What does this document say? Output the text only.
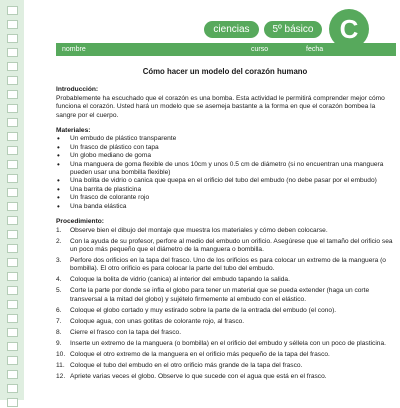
ciencias	5º básico	C
nombre	curso	fecha
Cómo hacer un modelo del corazón humano
Introducción:

Probablemente ha escuchado que el corazón es una bomba. Esta actividad le permitirá comprender mejor cómo funciona el corazón. Usted hará un modelo que se asemeja bastante a la forma en que el corazón bombea la sangre por el cuerpo.

Materiales:
• Un embudo de plástico transparente
• Un frasco de plástico con tapa
• Un globo mediano de goma
• Una manguera de goma flexible de unos 10cm y unos 0.5 cm de diámetro (si no encuentran una manguera pueden usar una bombilla flexible)
• Una bolita de vidrio o canica que quepa en el orificio del tubo del embudo (no debe pasar por el embudo)
• Una barrita de plasticina
• Un frasco de colorante rojo
• Una banda elástica
Procedimiento:
1. Observe bien el dibujo del montaje que muestra los materiales y cómo deben colocarse.
2. Con la ayuda de su profesor, perfore al medio del embudo un orificio. Asegúrese que el tamaño del orificio sea un poco más pequeño que el diámetro de la manguera o bombilla.
3. Perfore dos orificios en la tapa del frasco. Uno de los orificios es para colocar un extremo de la manguera (o bombilla). El otro orificio es para colocar la parte del tubo del embudo.
4. Coloque la bolita de vidrio (canica) al interior del embudo tapando la salida.
5. Corte la parte por donde se infla el globo para tener un material que se pueda extender (haga un corte transversal a la mitad del globo) y sujételo firmemente al embudo con el elástico.
6. Coloque el globo cortado y muy estirado sobre la parte de la entrada del embudo (el cono).
7. Coloque agua, con unas gotitas de colorante rojo, al frasco.
8. Cierre el frasco con la tapa del frasco.
9. Inserte un extremo de la manguera (o bombilla) en el orificio del embudo y séllela con un poco de plasticina.
10. Coloque el otro extremo de la manguera en el orificio más pequeño de la tapa del frasco.
11. Coloque el tubo del embudo en el otro orificio más grande de la tapa del frasco.
12. Apriete varias veces el globo. Observe lo que sucede con el agua que está en el frasco.
